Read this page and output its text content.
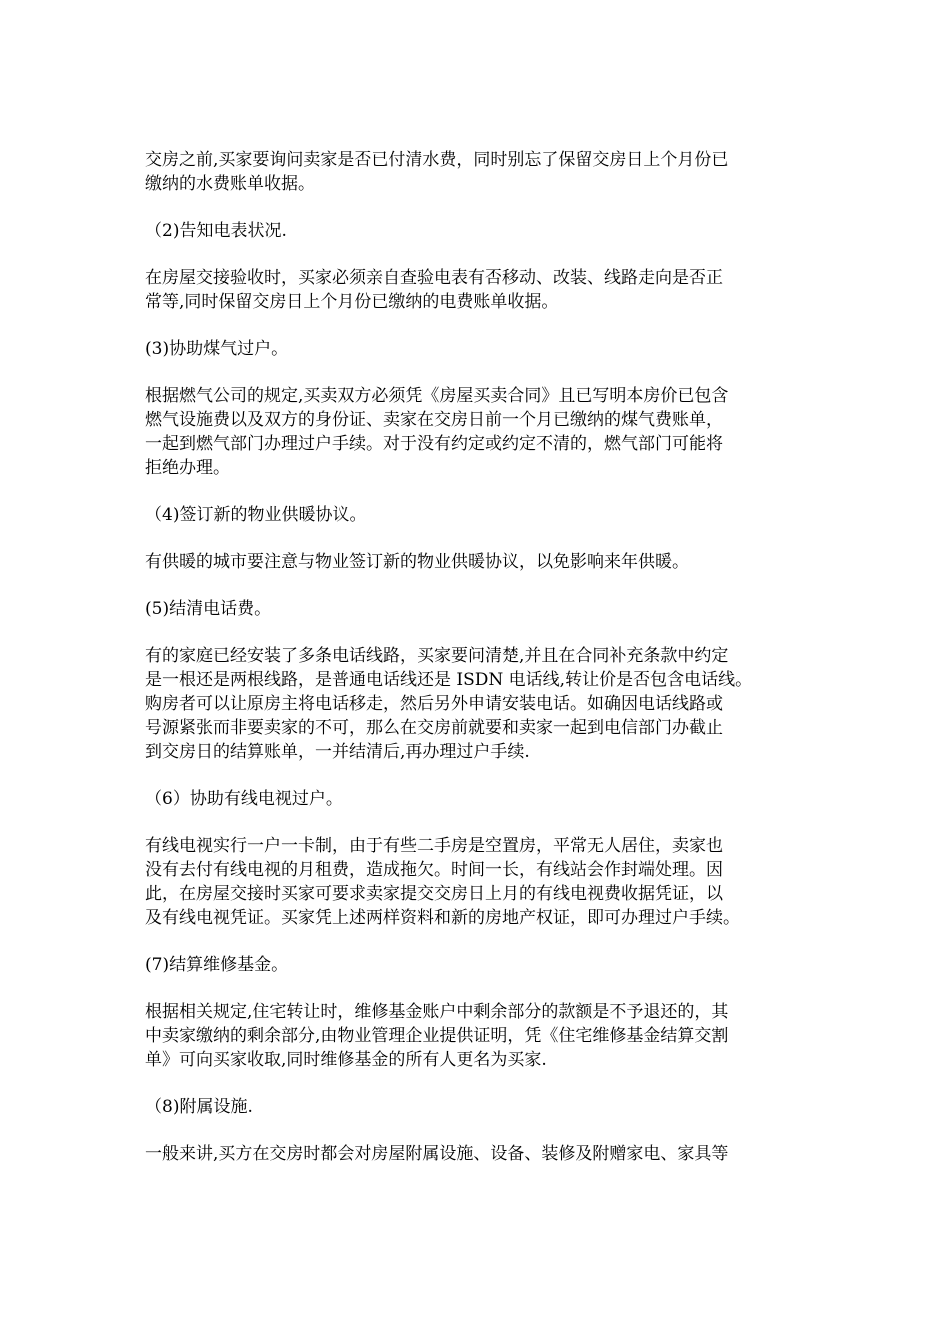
交房之前,买家要询问卖家是否已付清水费，同时别忘了保留交房日上个月份已
缴纳的水费账单收据。
（2)告知电表状况.
在房屋交接验收时，买家必须亲自查验电表有否移动、改装、线路走向是否正
常等,同时保留交房日上个月份已缴纳的电费账单收据。
(3)协助煤气过户。
根据燃气公司的规定,买卖双方必须凭《房屋买卖合同》且已写明本房价已包含
燃气设施费以及双方的身份证、卖家在交房日前一个月已缴纳的煤气费账单，
一起到燃气部门办理过户手续。对于没有约定或约定不清的，燃气部门可能将
拒绝办理。
（4)签订新的物业供暖协议。
有供暖的城市要注意与物业签订新的物业供暖协议，以免影响来年供暖。
(5)结清电话费。
有的家庭已经安装了多条电话线路，买家要问清楚,并且在合同补充条款中约定
是一根还是两根线路，是普通电话线还是 ISDN 电话线,转让价是否包含电话线。
购房者可以让原房主将电话移走，然后另外申请安装电话。如确因电话线路或
号源紧张而非要卖家的不可，那么在交房前就要和卖家一起到电信部门办截止
到交房日的结算账单，一并结清后,再办理过户手续.
（6）协助有线电视过户。
有线电视实行一户一卡制，由于有些二手房是空置房，平常无人居住，卖家也
没有去付有线电视的月租费，造成拖欠。时间一长，有线站会作封端处理。因
此，在房屋交接时买家可要求卖家提交交房日上月的有线电视费收据凭证，以
及有线电视凭证。买家凭上述两样资料和新的房地产权证，即可办理过户手续。
(7)结算维修基金。
根据相关规定,住宅转让时，维修基金账户中剩余部分的款额是不予退还的，其
中卖家缴纳的剩余部分,由物业管理企业提供证明，凭《住宅维修基金结算交割
单》可向买家收取,同时维修基金的所有人更名为买家.
（8)附属设施.
一般来讲,买方在交房时都会对房屋附属设施、设备、装修及附赠家电、家具等
